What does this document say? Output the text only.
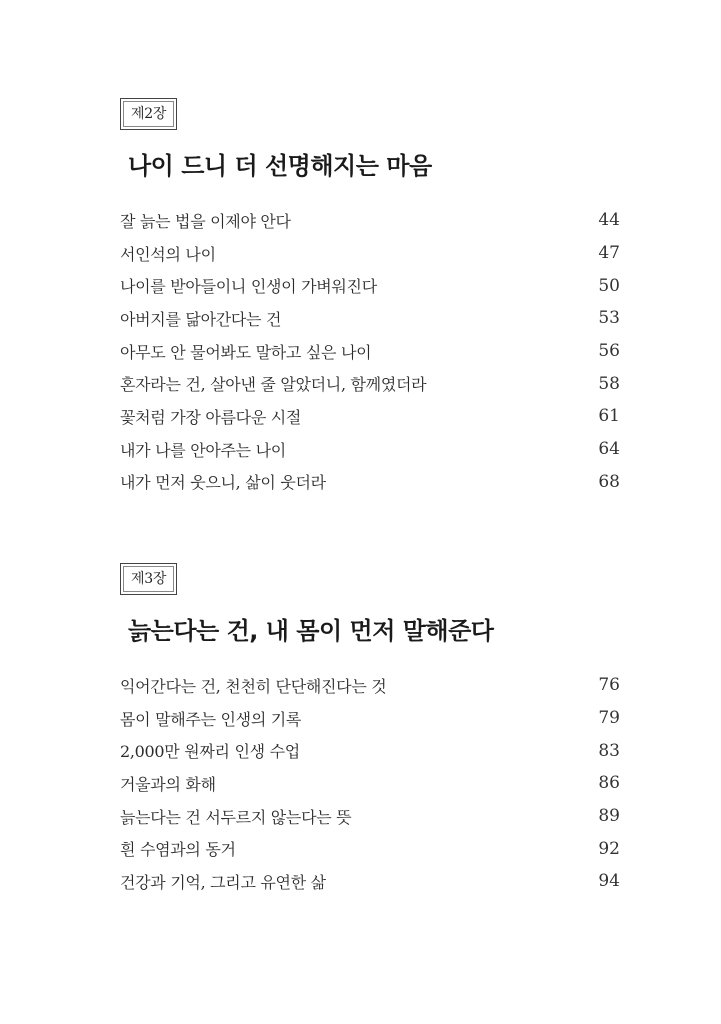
제2장
나이 드니 더 선명해지는 마음
잘 늙는 법을 이제야 안다	44
서인석의 나이	47
나이를 받아들이니 인생이 가벼워진다	50
아버지를 닮아간다는 건	53
아무도 안 물어봐도 말하고 싶은 나이	56
혼자라는 건, 살아낸 줄 알았더니, 함께였더라	58
꽃처럼 가장 아름다운 시절	61
내가 나를 안아주는 나이	64
내가 먼저 웃으니, 삶이 웃더라	68
제3장
늙는다는 건, 내 몸이 먼저 말해준다
익어간다는 건, 천천히 단단해진다는 것	76
몸이 말해주는 인생의 기록	79
2,000만 원짜리 인생 수업	83
거울과의 화해	86
늙는다는 건 서두르지 않는다는 뜻	89
흰 수염과의 동거	92
건강과 기억, 그리고 유연한 삶	94
